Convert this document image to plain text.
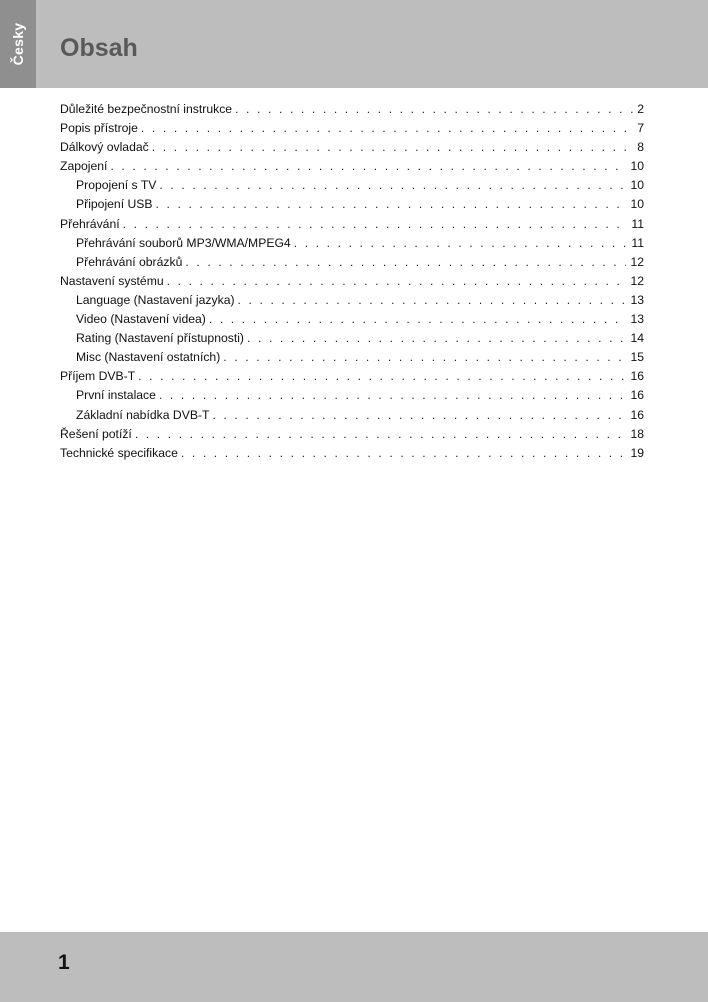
Česky Obsah
Důležité bezpečnostní instrukce . . .	2
Popis přístroje . . .	7
Dálkový ovladač . . .	8
Zapojení . . .	10
Propojení s TV . . .	10
Připojení USB . . .	10
Přehrávání . . .	11
Přehrávání souborů MP3/WMA/MPEG4 . . .	11
Přehrávání obrázků . . .	12
Nastavení systému . . .	12
Language (Nastavení jazyka) . . .	13
Video (Nastavení videa) . . .	13
Rating (Nastavení přístupnosti) . . .	14
Misc (Nastavení ostatních) . . .	15
Příjem DVB-T . . .	16
První instalace . . .	16
Základní nabídka DVB-T . . .	16
Řešení potíží . . .	18
Technické specifikace . . .	19
1
